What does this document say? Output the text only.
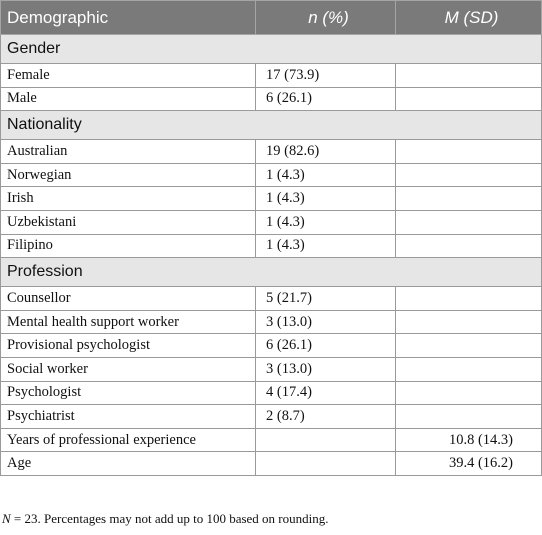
Demographic	n (%)	M (SD)
Gender		
Female	17 (73.9)	
Male	6 (26.1)	
Nationality		
Australian	19 (82.6)	
Norwegian	1 (4.3)	
Irish	1 (4.3)	
Uzbekistani	1 (4.3)	
Filipino	1 (4.3)	
Profession		
Counsellor	5 (21.7)	
Mental health support worker	3 (13.0)	
Provisional psychologist	6 (26.1)	
Social worker	3 (13.0)	
Psychologist	4 (17.4)	
Psychiatrist	2 (8.7)	
Years of professional experience		10.8 (14.3)
Age		39.4 (16.2)
N = 23. Percentages may not add up to 100 based on rounding.
